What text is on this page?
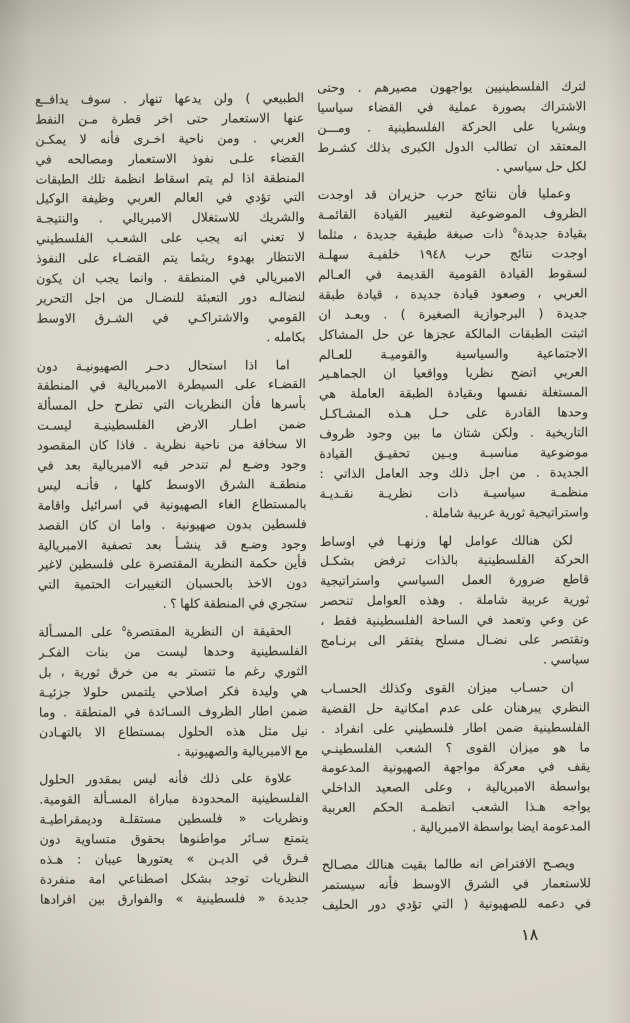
لترك الفلسطينيين يواجهون مصيرهم . وحتى
الاشتراك بصورة عملية في القضاء سياسيا
وبشريا على الحركة الفلسطينية . ومـــن
المعتقد ان تطالب الدول الكبرى بذلك كشـرط
لكل حل سياسي .
وعمليا فأن نتائج حرب حزيران قد اوجدت
الظروف الموضوعية لتغيير القيادة القائمـة
بقيادة جديدة$^٥$ ذات صبغة طبقية جديدة ، مثلما
اوجدت نتائج حرب ١٩٤٨ خلفيـة سهلـة
لسقوط القيادة القومية القديمة في العـالم
العربي ، وصعود قيادة جديدة ، قيادة طبقة
جديدة ( البرجوازية الصغيرة ) . وبعـد ان
اثبتت الطبقات المالكة عجزها عن حل المشاكل
الاجتماعية والسياسية والقوميـة للعـالم
العربي اتضح نظريا وواقعيا ان الجماهـير
المستغلة نفسها وبقيادة الطبقة العاملة هي
وحدها القادرة على حـل هـذه المشـاكـل
التاريخية . ولكن شتان ما بين وجود ظروف
موضوعية مناسبـة وبـين تحقيـق القيادة
الجديدة . من اجل ذلك وجد العامل الذاتي :
منظمـة سياسيـة ذات نظريـة نقـديـة
واستراتيجية ثورية عربية شاملة .
لكن هنالك عوامل لها وزنهـا في اوساط
الحركة الفلسطينية بالذات ترفض بشكـل
قاطع ضرورة العمل السياسي واستراتيجية
ثورية عربية شاملة . وهذه العوامل تنحصر
عن وعي وتعمد في الساحة الفلسطينية فقط ،
وتقتصر على نضـال مسلح يفتقر الى برنـامج
سياسي .
ان حسـاب ميزان القوى وكذلك الحسـاب
النظري يبرهنان على عدم امكانية حل القضية
الفلسطينية ضمن اطار فلسطيني على انفراد .
ما هو ميزان القوى ؟ الشعب الفلسطينـي
يقف في معركة مواجهة الصهيونية المدعومة
بواسطة الامبريالية ، وعلى الصعيد الداخلي
يواجه هـذا الشعب انظمـة الحكم العربية
المدعومة ايضا بواسطة الامبريالية .
ويصـح الافتراض انه طالما بقيت هنالك مصـالح
للاستعمار في الشرق الاوسط فأنه سيستمر
في دعمه للصهيونية ( التي تؤدي دور الحليف
الطبيعي ) ولن يدعها تنهار . سوف يدافــع
عنها الاستعمار حتى اخر قطرة مـن النفط
العربي . ومن ناحية اخـرى فأنه لا يمكـن
القضاء علـى نفوذ الاستعمار ومصالحه في
المنطقة اذا لم يتم اسقاط انظمة تلك الطبقات
التي تؤدي في العالم العربي وظيفة الوكيل
والشريك للاستغلال الامبريالي . والنتيجـة
لا تعني انه يجب على الشعـب الفلسطيني
الانتظار بهدوء ريثما يتم القضـاء على النفوذ
الامبريالي في المنطقة . وانما يجب ان يكون
لنضالـه دور التعبئة للنضـال من اجل التحرير
القومي والاشتراكـي في الشـرق الاوسط
بكامله .
اما اذا استحال دحـر الصهيونيـة دون
القضـاء على السيطرة الامبريالية في المنطقة
بأسرها فأن النظريات التي تطرح حل المسألة
ضمن اطـار الارض الفلسطينيـة ليسـت
الا سخافة من ناحية نظرية . فاذا كان المقصود
وجود وضـع لم تندحر فيه الامبريالية بعد في
منطقـة الشرق الاوسط كلها ، فأنـه ليس
بالمستطاع الغاء الصهيونية في اسرائيل واقامة
فلسطين بدون صهيونية . واما ان كان القصد
وجود وضـع قد ينشـأ بعد تصفية الامبريالية
فأين حكمة النظرية المقتصرة على فلسطين لاغير
دون الاخذ بالحسبان التغييرات الحتمية التي
ستجري في المنطقة كلها ؟ .
الحقيقة ان النظرية المقتصرة$^٥$ على المسـألة
الفلسطينية وحدها ليست من بنات الفكـر
الثوري رغم ما تتستر به من خرق ثورية ، بل
هي وليدة فكر اصلاحي يلتمس حلولا جزئيـة
ضمن اطار الظروف السـائدة في المنطقة . وما
نيل مثل هذه الحلول بمستطاع الا بالتهـادن
مع الامبريالية والصهيونية .
علاوة على ذلك فأنه ليس بمقدور الحلول
الفلسطينية المحدودة مباراة المسـألة القومية.
ونظريات « فلسطين مستقلـة وديمقراطيـة
يتمتع سـائر مواطنوها بحقوق متساوية دون
فـرق في الديـن » يعتورها عيبان : هـذه
النظريات توجد بشكل اصطناعي امة منفردة
جديدة « فلسطينية » والفوارق بين افرادها
١٨
